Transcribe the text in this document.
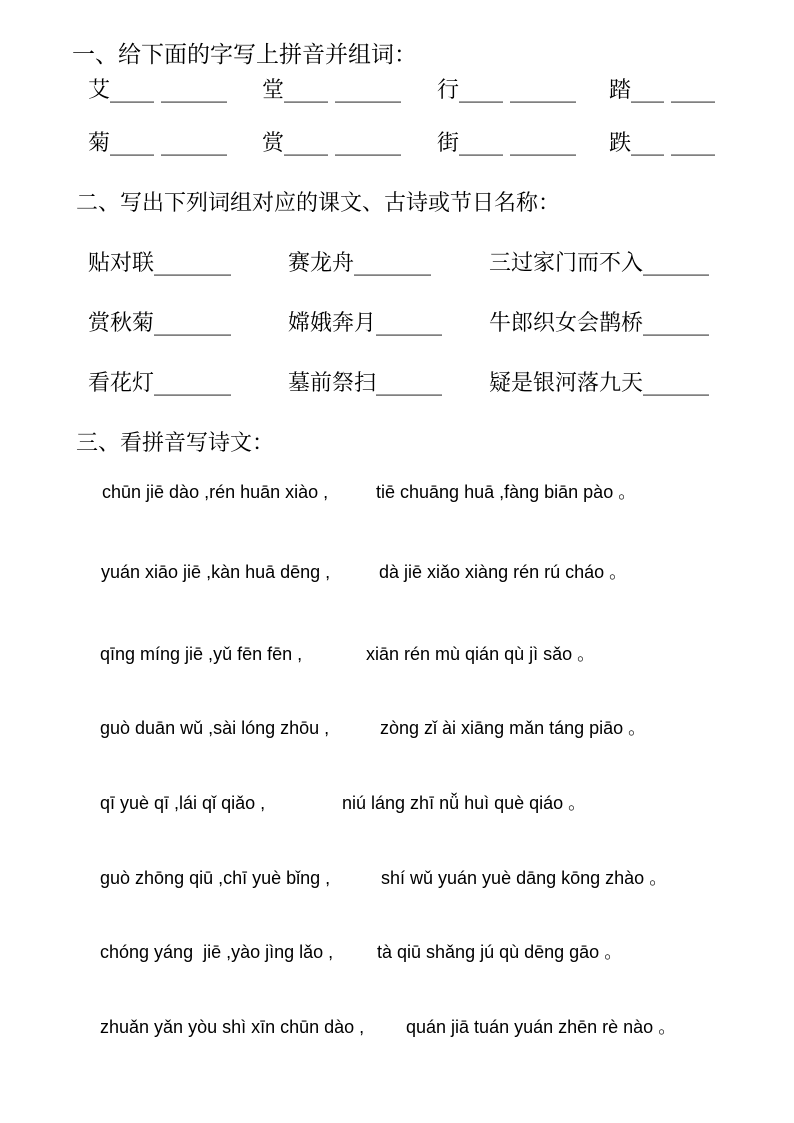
一、给下面的字写上拼音并组词：
艾____ ______ 堂____ ______ 行____ ______ 踏___ ____
菊____ ______ 赏____ ______ 街____ ______ 跌___ ____
二、写出下列词组对应的课文、古诗或节日名称：
贴对联_______	赛龙舟_______	三过家门而不入______
赏秋菊_______	嫦娥奔月______ 牛郎织女会鹊桥______
看花灯_______	墓前祭扫______ 疑是银河落九天______
三、看拼音写诗文：
chūn jiē dào ,rén huān xiào ,	tiē chuāng huā ,fàng biān pào 。
yuán xiāo jiē ,kàn huā dēng ,	dà jiē xiǎo xiàng rén rú cháo 。
qīng míng jiē ,yǔ fēn fēn ,	xiān rén mù qián qù jì sǎo 。
guò duān wǔ ,sài lóng zhōu ,	zòng zǐ ài xiāng mǎn táng piāo 。
qī yuè qī ,lái qǐ qiǎo ,	niú láng zhī nǚ huì què qiáo 。
guò zhōng qiū ,chī yuè bǐng ,	shí wǔ yuán yuè dāng kōng zhào 。
chóng yáng  jiē ,yào jìng lǎo , tà qiū shǎng jú qù dēng gāo 。
zhuǎn yǎn yòu shì xīn chūn dào , quán jiā tuán yuán zhēn rè nào 。
